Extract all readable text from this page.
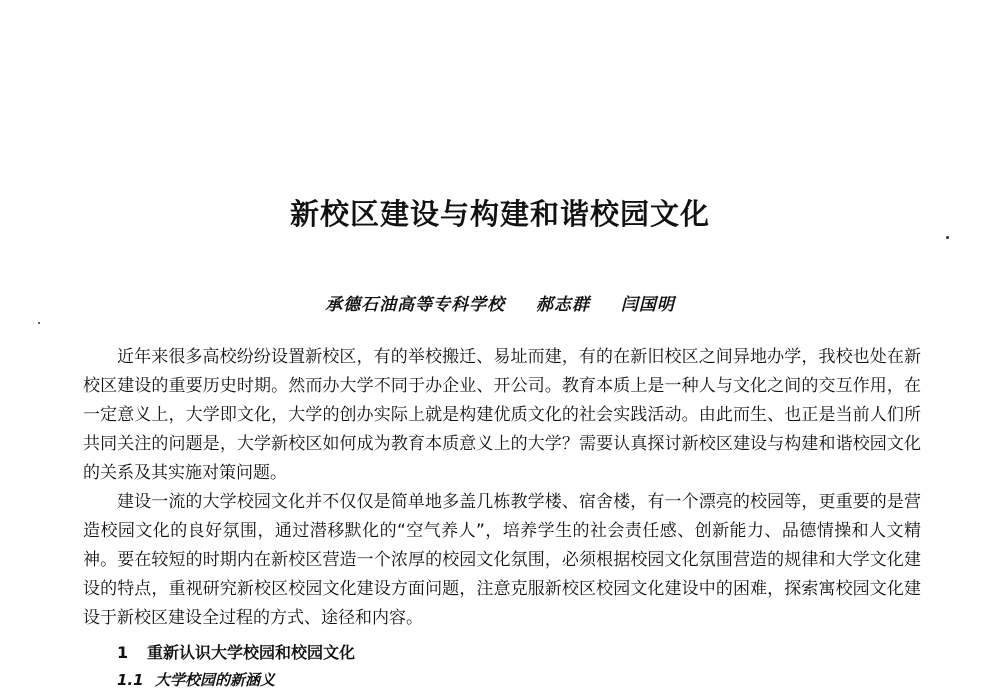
新校区建设与构建和谐校园文化
承德石油高等专科学校 郝志群 闫国明

近年来很多高校纷纷设置新校区，有的举校搬迁、易址而建，有的在新旧校区之间异地办学，我校也处在新校区建设的重要历史时期。然而办大学不同于办企业、开公司。教育本质上是一种人与文化之间的交互作用，在一定意义上，大学即文化，大学的创办实际上就是构建优质文化的社会实践活动。由此而生、也正是当前人们所共同关注的问题是，大学新校区如何成为教育本质意义上的大学？需要认真探讨新校区建设与构建和谐校园文化的关系及其实施对策问题。

建设一流的大学校园文化并不仅仅是简单地多盖几栋教学楼、宿舍楼，有一个漂亮的校园等，更重要的是营造校园文化的良好氛围，通过潜移默化的“空气养人”，培养学生的社会责任感、创新能力、品德情操和人文精神。要在较短的时期内在新校区营造一个浓厚的校园文化氛围，必须根据校园文化氛围营造的规律和大学文化建设的特点，重视研究新校区校园文化建设方面问题，注意克服新校区校园文化建设中的困难，探索寓校园文化建设于新校区建设全过程的方式、途径和内容。

1 重新认识大学校园和校园文化
1.1 大学校园的新涵义
